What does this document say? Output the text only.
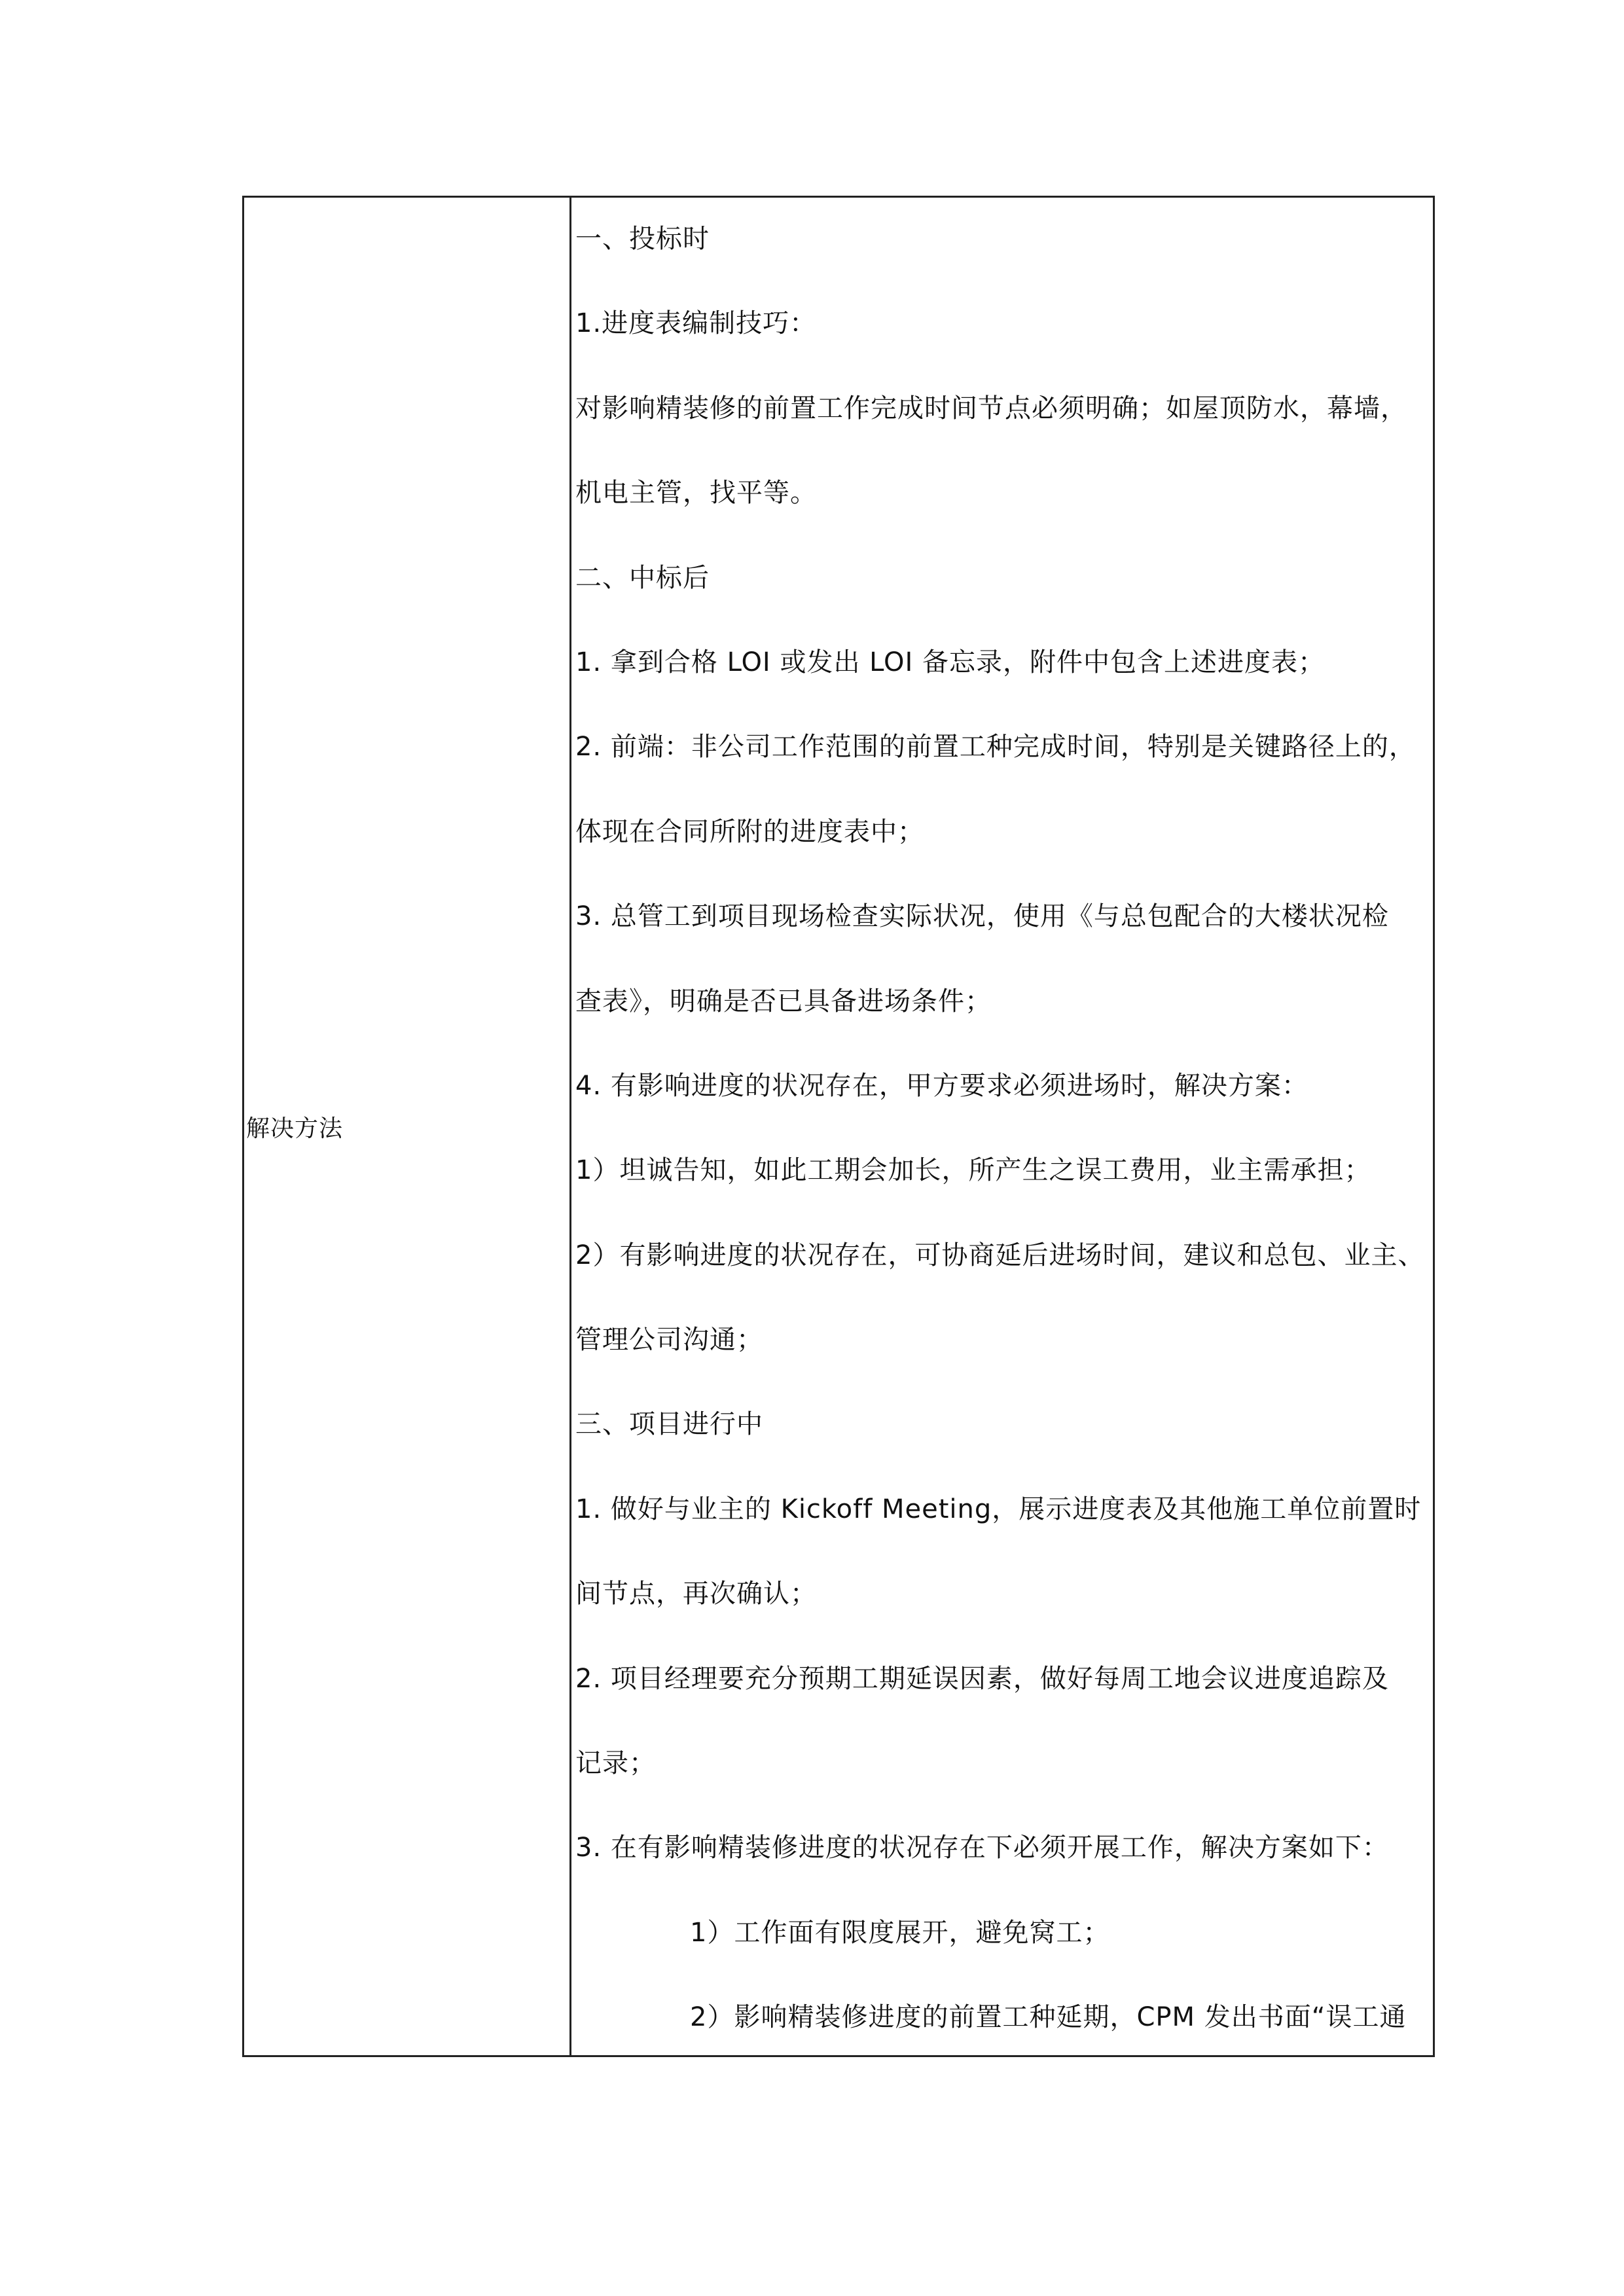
解决方法
一、投标时
1.进度表编制技巧：
对影响精装修的前置工作完成时间节点必须明确；如屋顶防水，幕墙，
机电主管，找平等。
二、中标后
1. 拿到合格 LOI 或发出 LOI 备忘录，附件中包含上述进度表；
2. 前端：非公司工作范围的前置工种完成时间，特别是关键路径上的，
体现在合同所附的进度表中；
3. 总管工到项目现场检查实际状况，使用《与总包配合的大楼状况检
查表》，明确是否已具备进场条件；
4. 有影响进度的状况存在，甲方要求必须进场时，解决方案：
1）坦诚告知，如此工期会加长，所产生之误工费用，业主需承担；
2）有影响进度的状况存在，可协商延后进场时间，建议和总包、业主、
管理公司沟通；
三、项目进行中
1. 做好与业主的 Kickoff Meeting，展示进度表及其他施工单位前置时
间节点，再次确认；
2. 项目经理要充分预期工期延误因素，做好每周工地会议进度追踪及
记录；
3. 在有影响精装修进度的状况存在下必须开展工作，解决方案如下：
1）工作面有限度展开，避免窝工；
2）影响精装修进度的前置工种延期，CPM 发出书面“误工通
